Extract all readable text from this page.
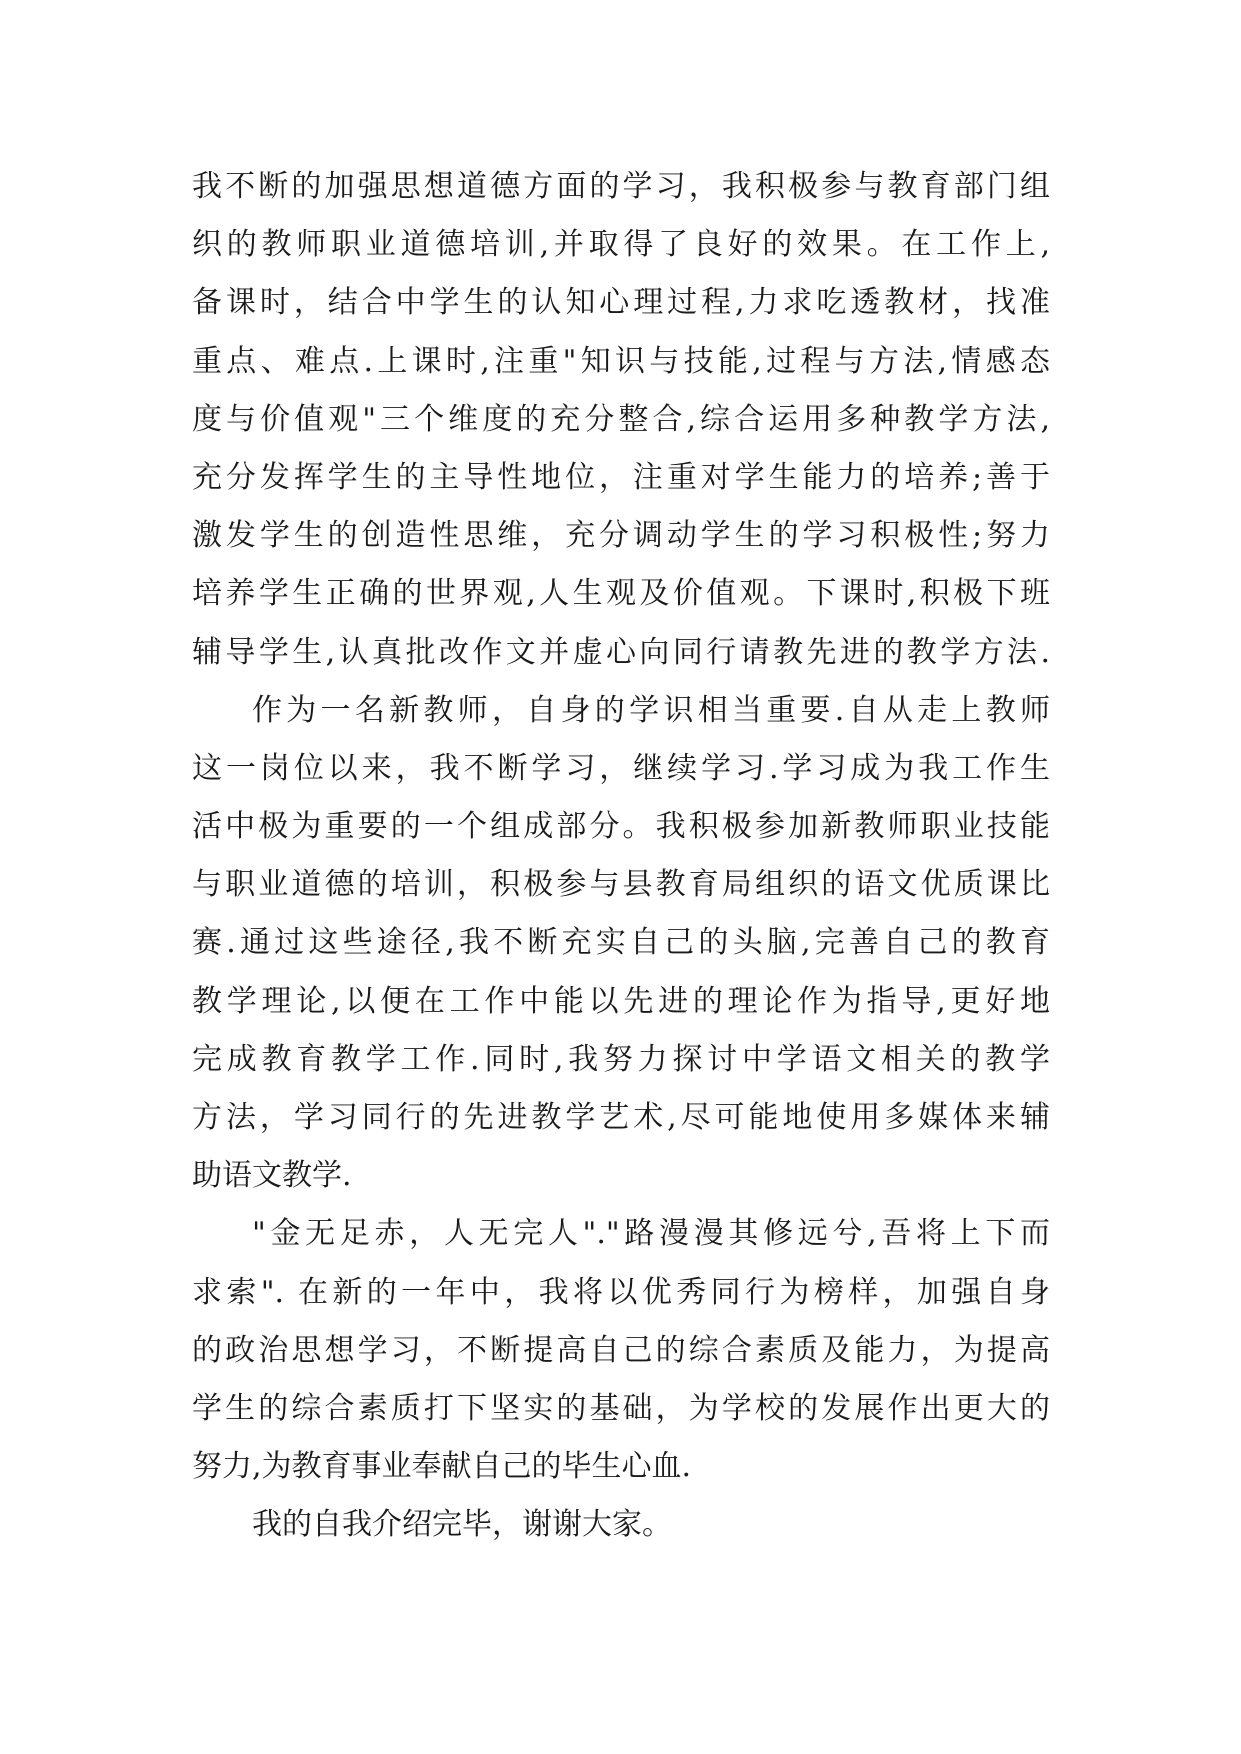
我不断的加强思想道德方面的学习，我积极参与教育部门组
织的教师职业道德培训,并取得了良好的效果。在工作上,
备课时，结合中学生的认知心理过程,力求吃透教材，找准
重点、难点.上课时,注重"知识与技能,过程与方法,情感态
度与价值观"三个维度的充分整合,综合运用多种教学方法,
充分发挥学生的主导性地位，注重对学生能力的培养;善于
激发学生的创造性思维，充分调动学生的学习积极性;努力
培养学生正确的世界观,人生观及价值观。下课时,积极下班
辅导学生,认真批改作文并虚心向同行请教先进的教学方法.
作为一名新教师，自身的学识相当重要.自从走上教师
这一岗位以来，我不断学习，继续学习.学习成为我工作生
活中极为重要的一个组成部分。我积极参加新教师职业技能
与职业道德的培训，积极参与县教育局组织的语文优质课比
赛.通过这些途径,我不断充实自己的头脑,完善自己的教育
教学理论,以便在工作中能以先进的理论作为指导,更好地
完成教育教学工作.同时,我努力探讨中学语文相关的教学
方法，学习同行的先进教学艺术,尽可能地使用多媒体来辅
助语文教学.
"金无足赤，人无完人"."路漫漫其修远兮,吾将上下而
求索". 在新的一年中，我将以优秀同行为榜样，加强自身
的政治思想学习，不断提高自己的综合素质及能力，为提高
学生的综合素质打下坚实的基础，为学校的发展作出更大的
努力,为教育事业奉献自己的毕生心血.
我的自我介绍完毕，谢谢大家。
